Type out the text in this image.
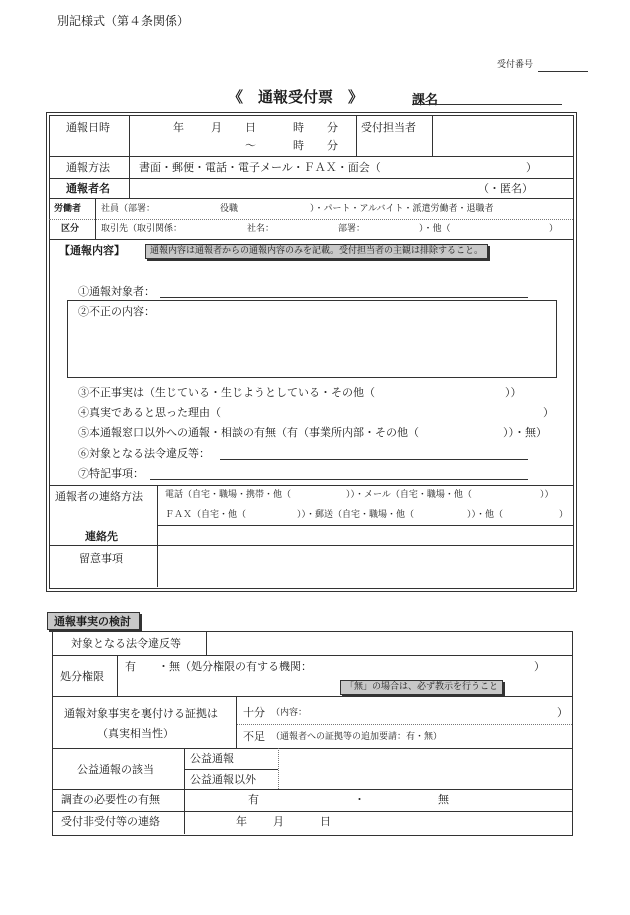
別記様式（第４条関係）
受付番号
《　通報受付票　》	課名
通報日時	年 月 日	時 分
～	時 分
受付担当者
通報方法	書面・郵便・電話・電子メール・ＦＡＸ・面会（	）
通報者名	（・匿名）
労働者
区分
社員（部署：	役職	）・パート・アルバイト・派遣労働者・退職者
取引先（取引関係：	社名：	部署：	）・他（	）
【通報内容】	通報内容は通報者からの通報内容のみを記載。受付担当者の主観は排除すること。
①通報対象者：
②不正の内容：
③不正事実は（生じている・生じようとしている・その他（	））
④真実であると思った理由（	）
⑤本通報窓口以外への通報・相談の有無（有（事業所内部・その他（	））・無）
⑥対象となる法令違反等：
⑦特記事項：
通報者の連絡方法 電話（自宅・職場・携帯・他（	））・メール（自宅・職場・他（	））
ＦＡＸ（自宅・他（	））・郵送（自宅・職場・他（	））・他（	）
連絡先
留意事項
通報事実の検討
対象となる法令違反等
処分権限
有　　・無（処分権限の有する機関：	）
「無」の場合は、必ず教示を行うこと
通報対象事実を裏付ける証拠は
（真実相当性）
十分 （内容：	）
不足 （通報者への証拠等の追加要請：有・無）
公益通報の該当
公益通報
公益通報以外
調査の必要性の有無	有	・	無
受付非受付等の連絡	年 月	日
